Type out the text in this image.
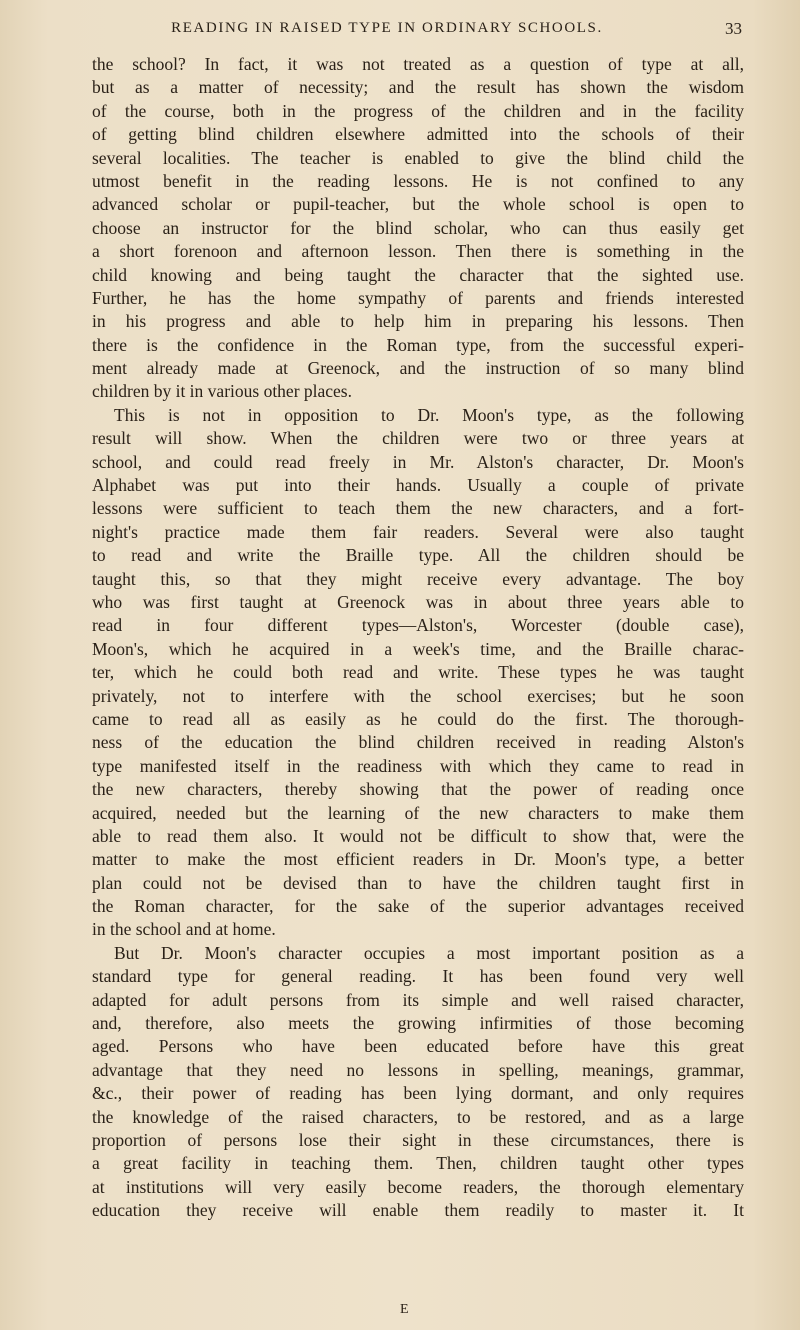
READING IN RAISED TYPE IN ORDINARY SCHOOLS.	33
the school? In fact, it was not treated as a question of type at all,
but as a matter of necessity; and the result has shown the wisdom
of the course, both in the progress of the children and in the facility
of getting blind children elsewhere admitted into the schools of their
several localities. The teacher is enabled to give the blind child the
utmost benefit in the reading lessons. He is not confined to any
advanced scholar or pupil-teacher, but the whole school is open to
choose an instructor for the blind scholar, who can thus easily get
a short forenoon and afternoon lesson. Then there is something in the
child knowing and being taught the character that the sighted use.
Further, he has the home sympathy of parents and friends interested
in his progress and able to help him in preparing his lessons. Then
there is the confidence in the Roman type, from the successful experi-
ment already made at Greenock, and the instruction of so many blind
children by it in various other places.
This is not in opposition to Dr. Moon's type, as the following
result will show. When the children were two or three years at
school, and could read freely in Mr. Alston's character, Dr. Moon's
Alphabet was put into their hands. Usually a couple of private
lessons were sufficient to teach them the new characters, and a fort-
night's practice made them fair readers. Several were also taught
to read and write the Braille type. All the children should be
taught this, so that they might receive every advantage. The boy
who was first taught at Greenock was in about three years able to
read in four different types—Alston's, Worcester (double case),
Moon's, which he acquired in a week's time, and the Braille charac-
ter, which he could both read and write. These types he was taught
privately, not to interfere with the school exercises; but he soon
came to read all as easily as he could do the first. The thorough-
ness of the education the blind children received in reading Alston's
type manifested itself in the readiness with which they came to read in
the new characters, thereby showing that the power of reading once
acquired, needed but the learning of the new characters to make them
able to read them also. It would not be difficult to show that, were the
matter to make the most efficient readers in Dr. Moon's type, a better
plan could not be devised than to have the children taught first in
the Roman character, for the sake of the superior advantages received
in the school and at home.
But Dr. Moon's character occupies a most important position as a
standard type for general reading. It has been found very well
adapted for adult persons from its simple and well raised character,
and, therefore, also meets the growing infirmities of those becoming
aged. Persons who have been educated before have this great
advantage that they need no lessons in spelling, meanings, grammar,
&c., their power of reading has been lying dormant, and only requires
the knowledge of the raised characters, to be restored, and as a large
proportion of persons lose their sight in these circumstances, there is
a great facility in teaching them. Then, children taught other types
at institutions will very easily become readers, the thorough elementary
education they receive will enable them readily to master it. It
E
